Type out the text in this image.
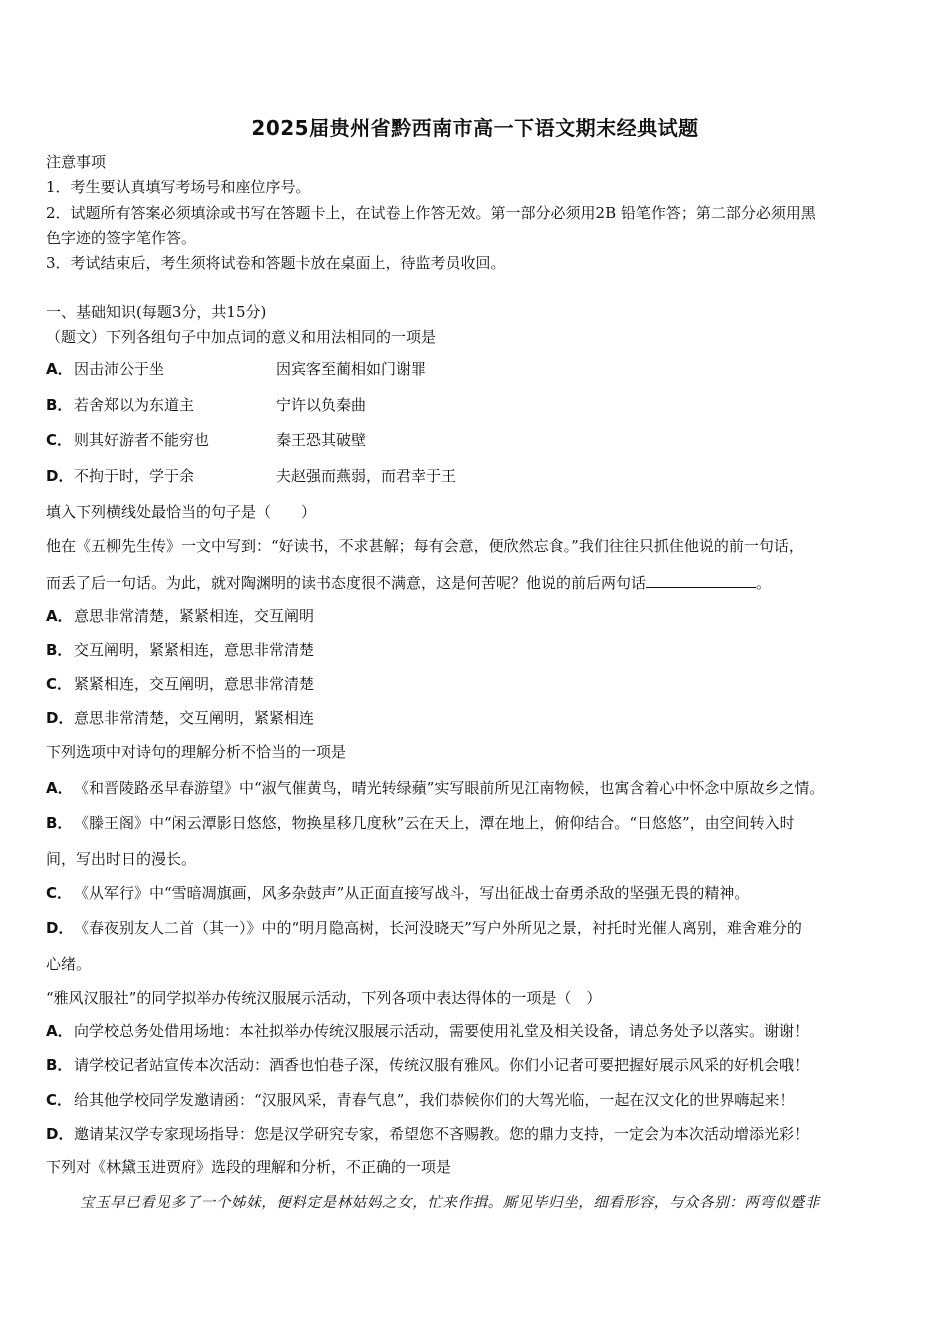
2025届贵州省黔西南市高一下语文期末经典试题
注意事项
1．考生要认真填写考场号和座位序号。
2．试题所有答案必须填涂或书写在答题卡上，在试卷上作答无效。第一部分必须用2B 铅笔作答；第二部分必须用黑
色字迹的签字笔作答。
3．考试结束后，考生须将试卷和答题卡放在桌面上，待监考员收回。
一、基础知识(每题3分，共15分)
（题文）下列各组句子中加点词的意义和用法相同的一项是
A．因击沛公于坐	因宾客至蔺相如门谢罪
B． 若舍郑以为东道主	宁许以负秦曲
C． 则其好游者不能穷也	秦王恐其破壁
D．不拘于时，学于余	夫赵强而燕弱，而君幸于王
填入下列横线处最恰当的句子是（　　）
他在《五柳先生传》一文中写到：“好读书，不求甚解；每有会意，便欣然忘食。”我们往往只抓住他说的前一句话，
而丢了后一句话。为此，就对陶渊明的读书态度很不满意，这是何苦呢？他说的前后两句话	。
A．意思非常清楚，紧紧相连，交互阐明
B． 交互阐明，紧紧相连，意思非常清楚
C． 紧紧相连，交互阐明，意思非常清楚
D．意思非常清楚，交互阐明，紧紧相连
下列选项中对诗句的理解分析不恰当的一项是
A．《和晋陵路丞早春游望》中“淑气催黄鸟，晴光转绿蘋”实写眼前所见江南物候，也寓含着心中怀念中原故乡之情。
B． 《滕王阁》中“闲云潭影日悠悠，物换星移几度秋”云在天上，潭在地上，俯仰结合。“日悠悠”，由空间转入时
间，写出时日的漫长。
C． 《从军行》中“雪暗凋旗画，风多杂鼓声”从正面直接写战斗，写出征战士奋勇杀敌的坚强无畏的精神。
D．《春夜别友人二首（其一）》中的“明月隐高树，长河没晓天”写户外所见之景，衬托时光催人离别，难舍难分的
心绪。
“雅风汉服社”的同学拟举办传统汉服展示活动，下列各项中表达得体的一项是（　）
A．向学校总务处借用场地：本社拟举办传统汉服展示活动，需要使用礼堂及相关设备，请总务处予以落实。谢谢！
B． 请学校记者站宣传本次活动：酒香也怕巷子深，传统汉服有雅风。你们小记者可要把握好展示风采的好机会哦！
C． 给其他学校同学发邀请函：“汉服风采，青春气息”，我们恭候你们的大驾光临，一起在汉文化的世界嗨起来！
D．邀请某汉学专家现场指导：您是汉学研究专家，希望您不吝赐教。您的鼎力支持，一定会为本次活动增添光彩！
下列对《林黛玉进贾府》选段的理解和分析，不正确的一项是
宝玉早已看见多了一个姊妹，便料定是林姑妈之女，忙来作揖。厮见毕归坐，细看形容，与众各别：两弯似蹙非
